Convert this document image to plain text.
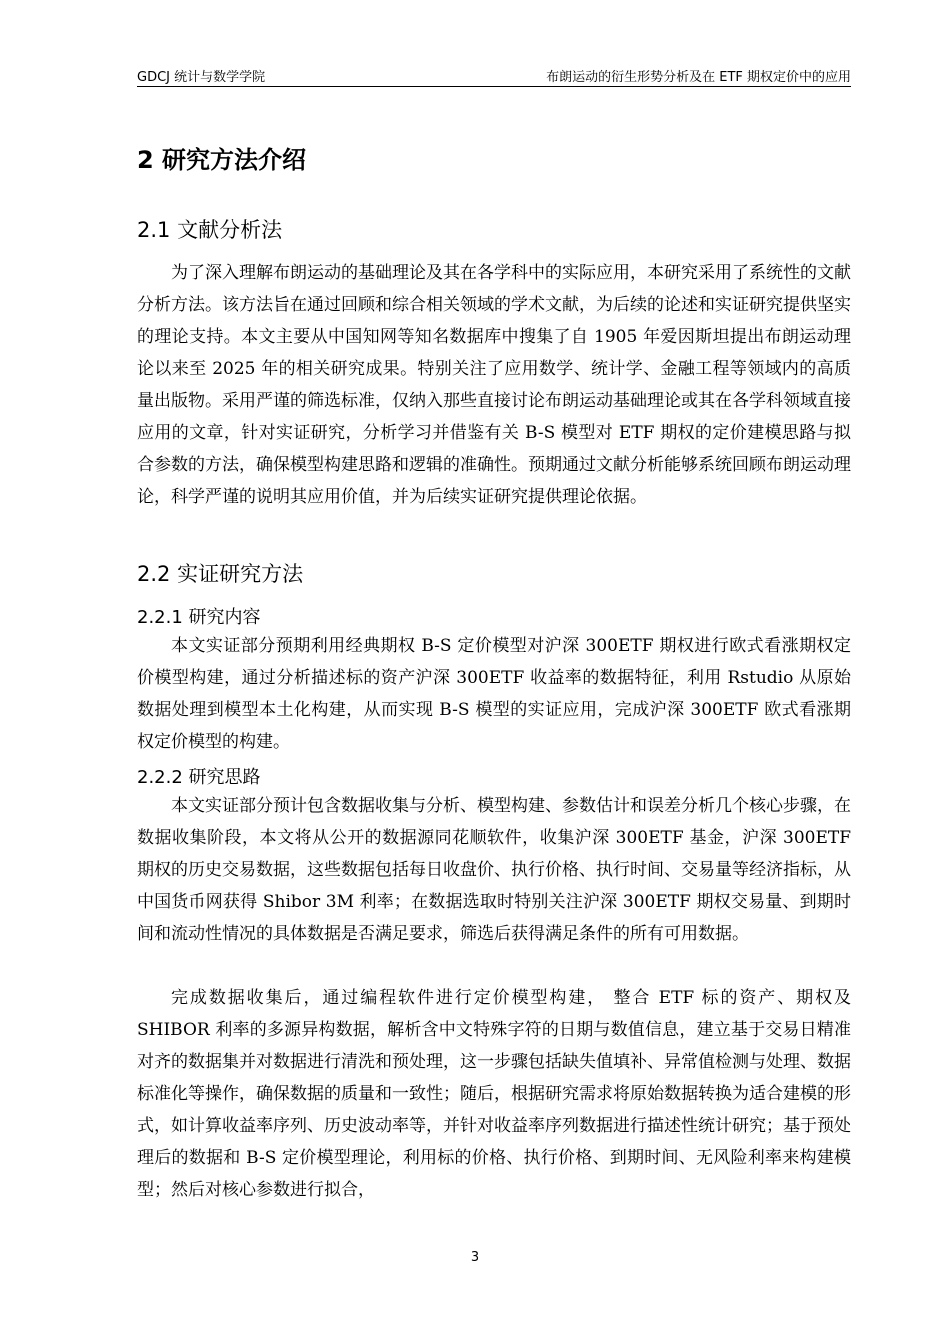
GDCJ 统计与数学学院	布朗运动的衍生形势分析及在 ETF 期权定价中的应用
2 研究方法介绍
2.1 文献分析法

为了深入理解布朗运动的基础理论及其在各学科中的实际应用，本研究采用了系统性的文献分析方法。该方法旨在通过回顾和综合相关领域的学术文献，为后续的论述和实证研究提供坚实的理论支持。本文主要从中国知网等知名数据库中搜集了自 1905 年爱因斯坦提出布朗运动理论以来至 2025 年的相关研究成果。特别关注了应用数学、统计学、金融工程等领域内的高质量出版物。采用严谨的筛选标准，仅纳入那些直接讨论布朗运动基础理论或其在各学科领域直接应用的文章，针对实证研究，分析学习并借鉴有关 B-S 模型对 ETF 期权的定价建模思路与拟合参数的方法，确保模型构建思路和逻辑的准确性。预期通过文献分析能够系统回顾布朗运动理论，科学严谨的说明其应用价值，并为后续实证研究提供理论依据。

2.2 实证研究方法
2.2.1 研究内容

本文实证部分预期利用经典期权 B-S 定价模型对沪深 300ETF 期权进行欧式看涨期权定价模型构建，通过分析描述标的资产沪深 300ETF 收益率的数据特征，利用 Rstudio 从原始数据处理到模型本土化构建，从而实现 B-S 模型的实证应用，完成沪深 300ETF 欧式看涨期权定价模型的构建。

2.2.2 研究思路

本文实证部分预计包含数据收集与分析、模型构建、参数估计和误差分析几个核心步骤，在数据收集阶段，本文将从公开的数据源同花顺软件，收集沪深 300ETF 基金，沪深 300ETF 期权的历史交易数据，这些数据包括每日收盘价、执行价格、执行时间、交易量等经济指标，从中国货币网获得 Shibor 3M 利率；在数据选取时特别关注沪深 300ETF 期权交易量、到期时间和流动性情况的具体数据是否满足要求，筛选后获得满足条件的所有可用数据。

完成数据收集后，通过编程软件进行定价模型构建， 整合 ETF 标的资产、期权及 SHIBOR 利率的多源异构数据，解析含中文特殊字符的日期与数值信息，建立基于交易日精准对齐的数据集并对数据进行清洗和预处理，这一步骤包括缺失值填补、异常值检测与处理、数据标准化等操作，确保数据的质量和一致性；随后，根据研究需求将原始数据转换为适合建模的形式，如计算收益率序列、历史波动率等，并针对收益率序列数据进行描述性统计研究；基于预处理后的数据和 B-S 定价模型理论，利用标的价格、执行价格、到期时间、无风险利率来构建模型；然后对核心参数进行拟合，

3
